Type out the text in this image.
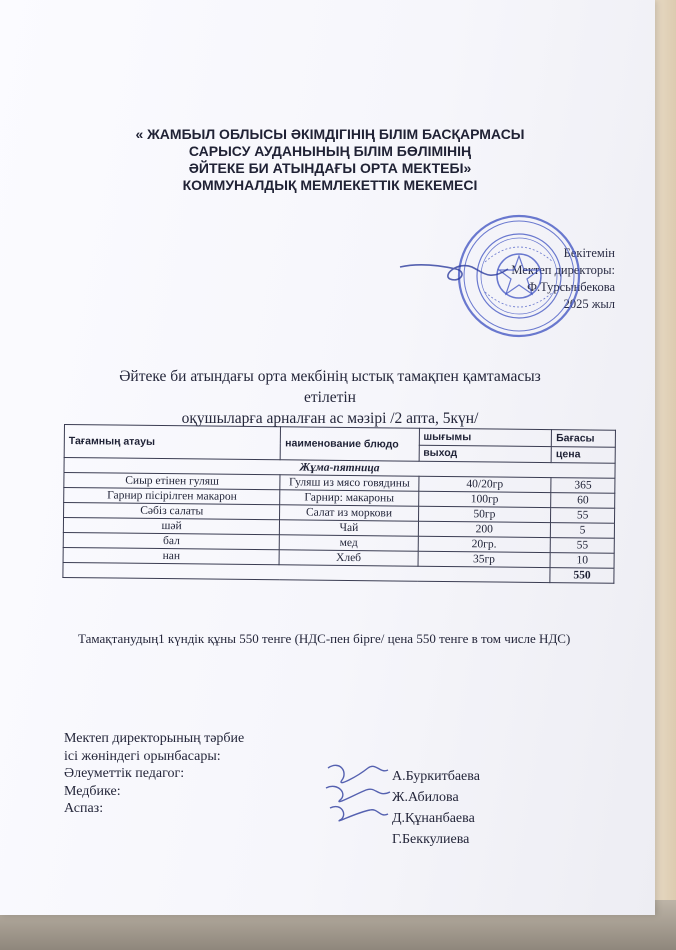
« ЖАМБЫЛ ОБЛЫСЫ ӘКІМДІГІНІҢ БІЛІМ БАСҚАРМАСЫ
САРЫСУ АУДАНЫНЫҢ БІЛІМ БӨЛІМІНІҢ
ӘЙТЕКЕ БИ АТЫНДАҒЫ ОРТА МЕКТЕБІ»
КОММУНАЛДЫҚ МЕМЛЕКЕТТІК МЕКЕМЕСІ
Бекітемін
Мектеп директоры:
Ф.Турсынбекова
2025 жыл
Әйтеке би атындағы орта мекбінің ыстық тамақпен қамтамасыз етілетін
оқушыларға арналған ас мәзірі /2 апта, 5күн/
Тағамның атауы	наименование блюдо	шығымы	Бағасы
		выход	цена
Жұма-пятница			
Сиыр етінен гуляш	Гуляш из мясо говядины	40/20гр	365
Гарнир пісірілген макарон	Гарнир: макароны	100гр	60
Сәбіз салаты	Салат из моркови	50гр	55
шәй	Чай	200	5
бал	мед	20гр.	55
нан	Хлеб	35гр	10
			550
Тамақтанудың1 күндік құны 550 тенге (НДС-пен бірге/ цена 550 тенге в том числе НДС)
Мектеп директорының тәрбие
ісі жөніндегі орынбасары:
Әлеуметтік педагог:
Медбике:
Аспаз:
А.Буркитбаева
Ж.Абилова
Д.Құнанбаева
Г.Беккулиева
